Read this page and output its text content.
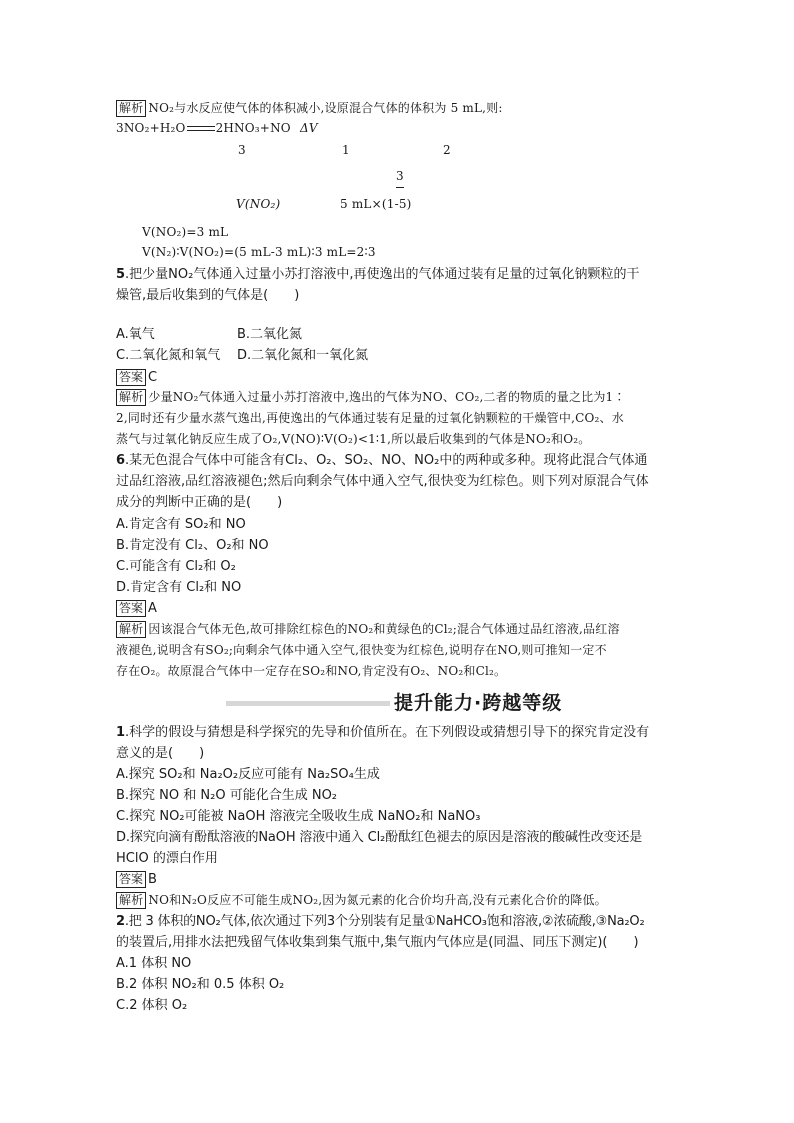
解析 NO₂与水反应使气体的体积减小,设原混合气体的体积为 5 mL,则:
3NO₂+H₂O	2HNO₃+NO ΔV
3	1	2
3
V(NO₂)	5 mL×(1-5)
V(NO₂)=3 mL
V(N₂)∶V(NO₂)=(5 mL-3 mL)∶3 mL=2∶3
5.把少量NO₂气体通入过量小苏打溶液中,再使逸出的气体通过装有足量的过氧化钠颗粒的干
燥管,最后收集到的气体是(　　)
A.氧气	B.二氧化氮
C.二氧化氮和氧气 D.二氧化氮和一氧化氮
答案 C
解析 少量NO₂气体通入过量小苏打溶液中,逸出的气体为NO、CO₂,二者的物质的量之比为1∶
2,同时还有少量水蒸气逸出,再使逸出的气体通过装有足量的过氧化钠颗粒的干燥管中,CO₂、水
蒸气与过氧化钠反应生成了O₂,V(NO)∶V(O₂)<1∶1,所以最后收集到的气体是NO₂和O₂。
6.某无色混合气体中可能含有Cl₂、O₂、SO₂、NO、NO₂中的两种或多种。现将此混合气体通
过品红溶液,品红溶液褪色;然后向剩余气体中通入空气,很快变为红棕色。则下列对原混合气体
成分的判断中正确的是(　　)
A.肯定含有 SO₂和 NO
B.肯定没有 Cl₂、O₂和 NO
C.可能含有 Cl₂和 O₂
D.肯定含有 Cl₂和 NO
答案 A
解析 因该混合气体无色,故可排除红棕色的NO₂和黄绿色的Cl₂;混合气体通过品红溶液,品红溶
液褪色,说明含有SO₂;向剩余气体中通入空气,很快变为红棕色,说明存在NO,则可推知一定不
存在O₂。故原混合气体中一定存在SO₂和NO,肯定没有O₂、NO₂和Cl₂。
提升能力·跨越等级
1.科学的假设与猜想是科学探究的先导和价值所在。在下列假设或猜想引导下的探究肯定没有
意义的是(　　)
A.探究 SO₂和 Na₂O₂反应可能有 Na₂SO₄生成
B.探究 NO 和 N₂O 可能化合生成 NO₂
C.探究 NO₂可能被 NaOH 溶液完全吸收生成 NaNO₂和 NaNO₃
D.探究向滴有酚酞溶液的NaOH 溶液中通入 Cl₂酚酞红色褪去的原因是溶液的酸碱性改变还是
HClO 的漂白作用
答案 B
解析 NO和N₂O反应不可能生成NO₂,因为氮元素的化合价均升高,没有元素化合价的降低。
2.把 3 体积的NO₂气体,依次通过下列3个分别装有足量①NaHCO₃饱和溶液,②浓硫酸,③Na₂O₂
的装置后,用排水法把残留气体收集到集气瓶中,集气瓶内气体应是(同温、同压下测定)(　　)
A.1 体积 NO
B.2 体积 NO₂和 0.5 体积 O₂
C.2 体积 O₂
